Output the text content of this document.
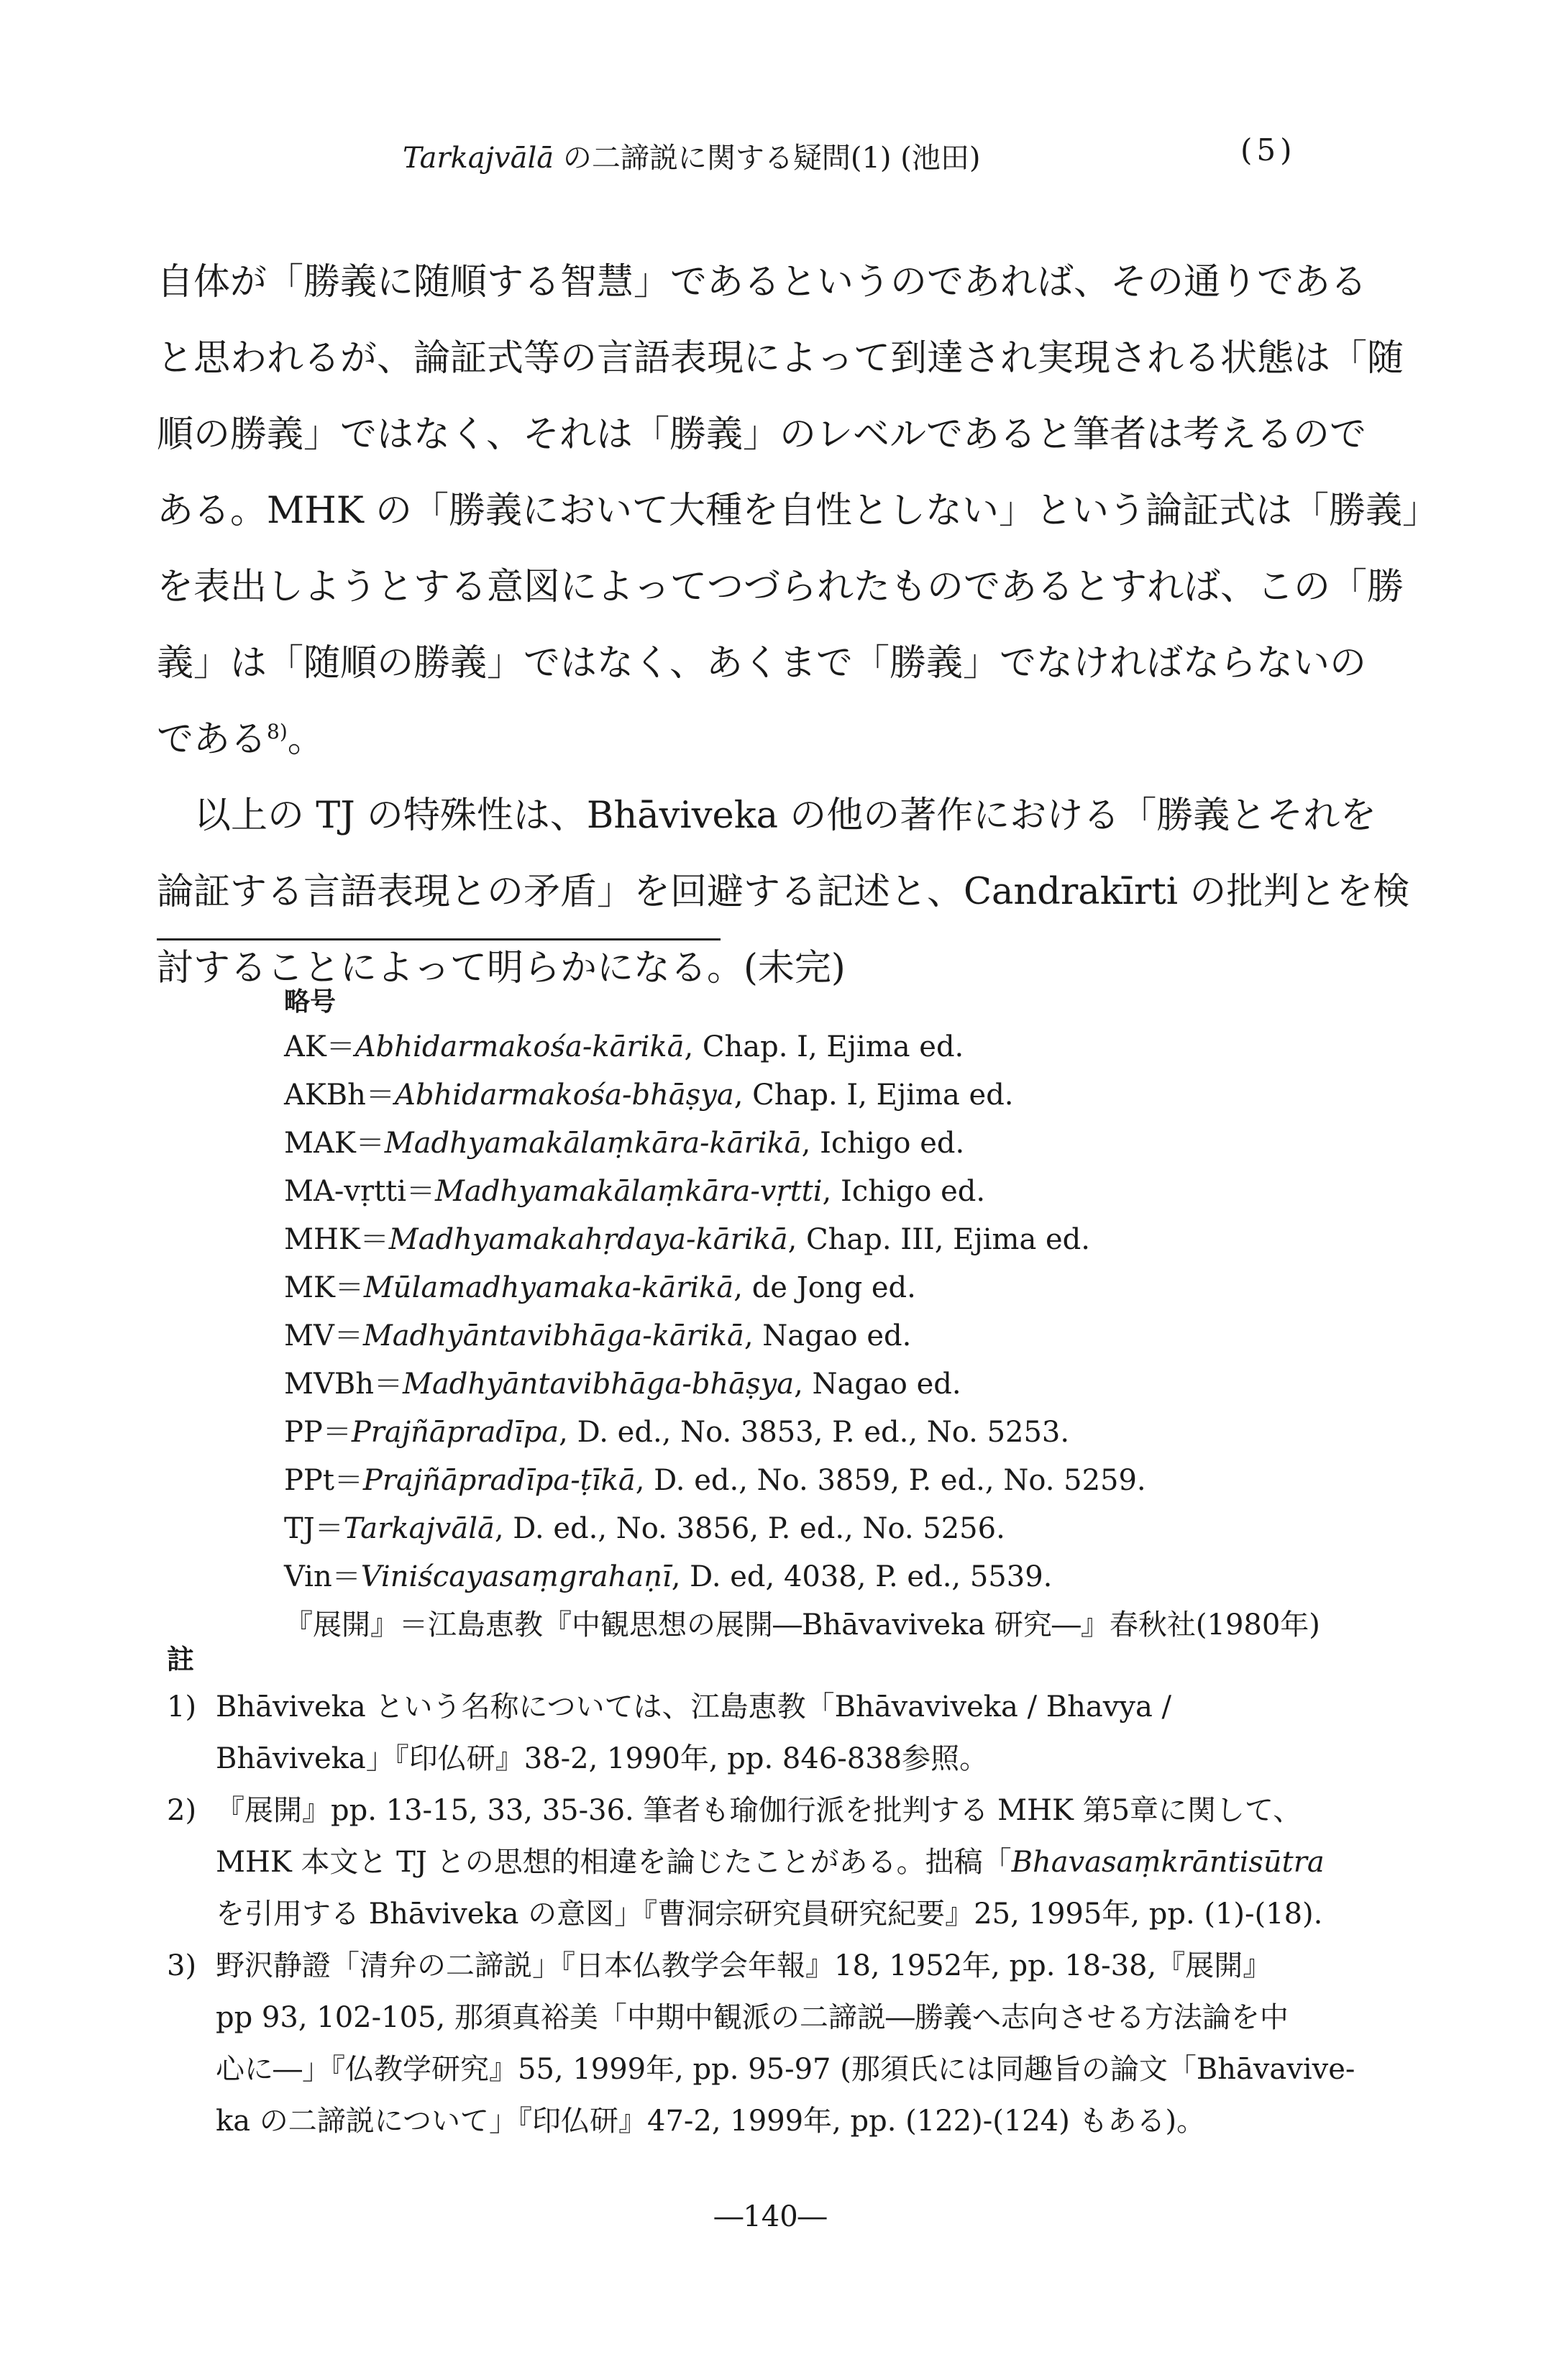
Tarkajvālā の二諦説に関する疑問(1) (池田)	(5)
自体が「勝義に随順する智慧」であるというのであれば、その通りである
と思われるが、論証式等の言語表現によって到達され実現される状態は「随
順の勝義」ではなく、それは「勝義」のレベルであると筆者は考えるので
ある。MHK の「勝義において大種を自性としない」という論証式は「勝義」
を表出しようとする意図によってつづられたものであるとすれば、この「勝
義」は「随順の勝義」ではなく、あくまで「勝義」でなければならないの
である$^{8)}$。
以上の TJ の特殊性は、Bhāviveka の他の著作における「勝義とそれを
論証する言語表現との矛盾」を回避する記述と、Candrakīrti の批判とを検
討することによって明らかになる。(未完)
略号
AK＝Abhidarmakośa-kārikā, Chap. I, Ejima ed.
AKBh＝Abhidarmakośa-bhāṣya, Chap. I, Ejima ed.
MAK＝Madhyamakālaṃkāra-kārikā, Ichigo ed.
MA-vṛtti＝Madhyamakālaṃkāra-vṛtti, Ichigo ed.
MHK＝Madhyamakahṛdaya-kārikā, Chap. III, Ejima ed.
MK＝Mūlamadhyamaka-kārikā, de Jong ed.
MV＝Madhyāntavibhāga-kārikā, Nagao ed.
MVBh＝Madhyāntavibhāga-bhāṣya, Nagao ed.
PP＝Prajñāpradīpa, D. ed., No. 3853, P. ed., No. 5253.
PPt＝Prajñāpradīpa-ṭīkā, D. ed., No. 3859, P. ed., No. 5259.
TJ＝Tarkajvālā, D. ed., No. 3856, P. ed., No. 5256.
Vin＝Viniścayasaṃgrahaṇī, D. ed, 4038, P. ed., 5539.
『展開』＝江島恵教『中観思想の展開―Bhāvaviveka 研究―』春秋社(1980年)
註
1) Bhāviveka という名称については、江島恵教「Bhāvaviveka / Bhavya /
Bhāviveka」『印仏研』38-2, 1990年, pp. 846-838参照。
2) 『展開』pp. 13-15, 33, 35-36. 筆者も瑜伽行派を批判する MHK 第5章に関して、
MHK 本文と TJ との思想的相違を論じたことがある。拙稿「Bhavasaṃkrāntisūtra
を引用する Bhāviveka の意図」『曹洞宗研究員研究紀要』25, 1995年, pp. (1)-(18).
3) 野沢静證「清弁の二諦説」『日本仏教学会年報』18, 1952年, pp. 18-38,『展開』
pp 93, 102-105, 那須真裕美「中期中観派の二諦説―勝義へ志向させる方法論を中
心に―」『仏教学研究』55, 1999年, pp. 95-97 (那須氏には同趣旨の論文「Bhāvavive-
ka の二諦説について」『印仏研』47-2, 1999年, pp. (122)-(124) もある)。
―140―
